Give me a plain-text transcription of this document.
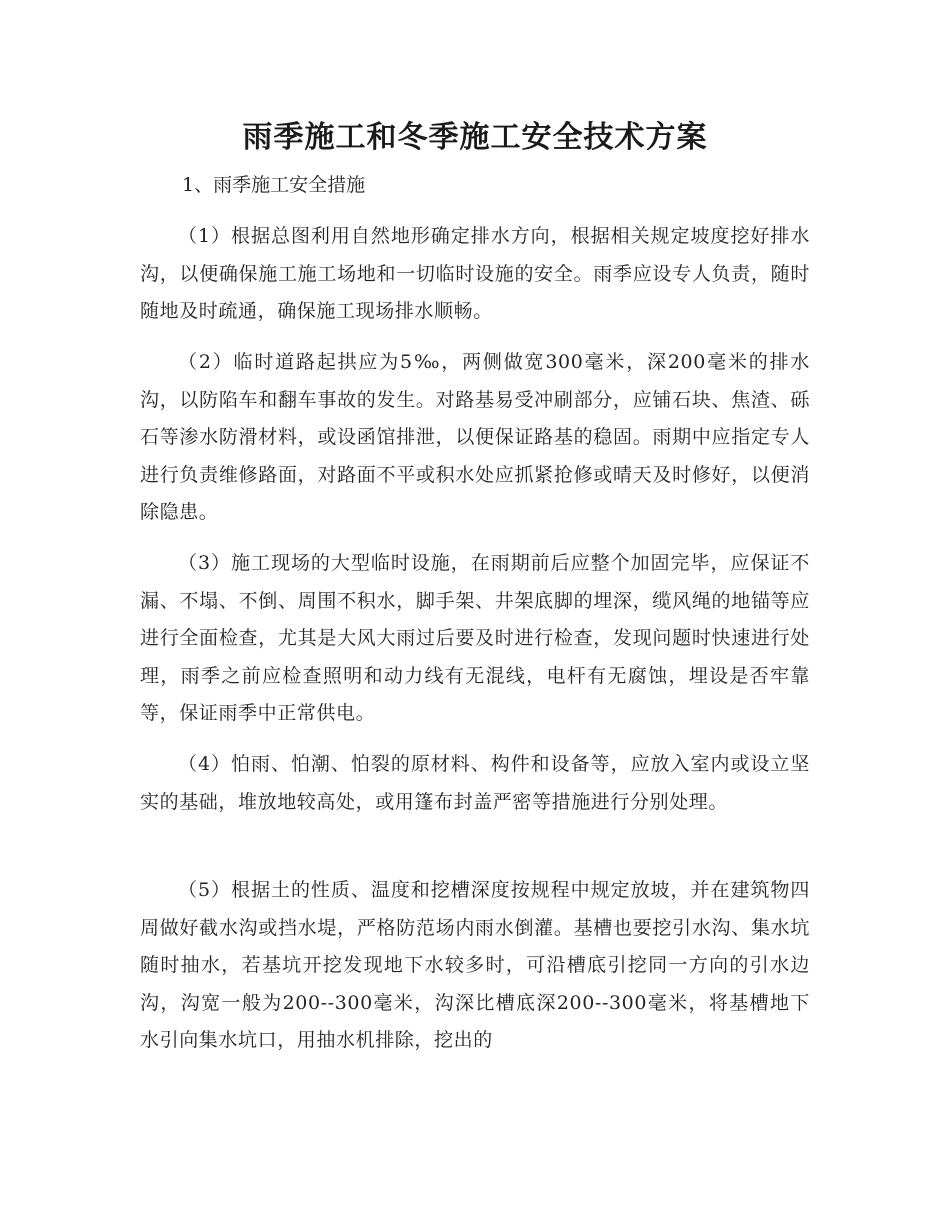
雨季施工和冬季施工安全技术方案

1、雨季施工安全措施

（1）根据总图利用自然地形确定排水方向，根据相关规定坡度挖好排水沟，以便确保施工施工场地和一切临时设施的安全。雨季应设专人负责，随时随地及时疏通，确保施工现场排水顺畅。

（2）临时道路起拱应为5‰，两侧做宽300毫米，深200毫米的排水沟，以防陷车和翻车事故的发生。对路基易受冲刷部分，应铺石块、焦渣、砾石等渗水防滑材料，或设函馆排泄，以便保证路基的稳固。雨期中应指定专人进行负责维修路面，对路面不平或积水处应抓紧抢修或晴天及时修好，以便消除隐患。

（3）施工现场的大型临时设施，在雨期前后应整个加固完毕，应保证不漏、不塌、不倒、周围不积水，脚手架、井架底脚的埋深，缆风绳的地锚等应进行全面检查，尤其是大风大雨过后要及时进行检查，发现问题时快速进行处理，雨季之前应检查照明和动力线有无混线，电杆有无腐蚀，埋设是否牢靠等，保证雨季中正常供电。

（4）怕雨、怕潮、怕裂的原材料、构件和设备等，应放入室内或设立坚实的基础，堆放地较高处，或用篷布封盖严密等措施进行分别处理。

（5）根据土的性质、温度和挖槽深度按规程中规定放坡，并在建筑物四周做好截水沟或挡水堤，严格防范场内雨水倒灌。基槽也要挖引水沟、集水坑随时抽水，若基坑开挖发现地下水较多时，可沿槽底引挖同一方向的引水边沟，沟宽一般为200--300毫米，沟深比槽底深200--300毫米，将基槽地下水引向集水坑口，用抽水机排除，挖出的
